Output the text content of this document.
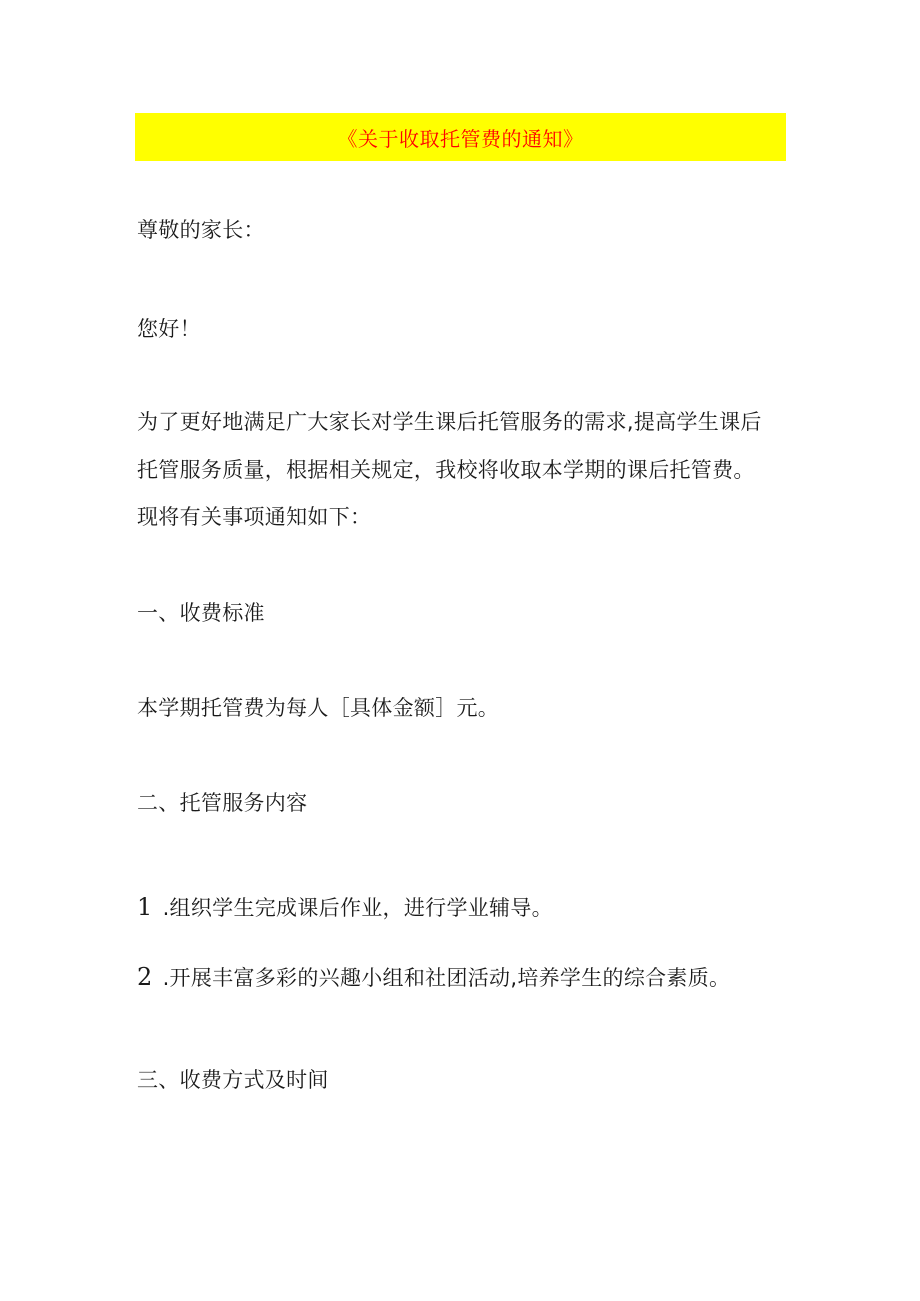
《关于收取托管费的通知》
尊敬的家长：
您好！
为了更好地满足广大家长对学生课后托管服务的需求,提高学生课后
托管服务质量，根据相关规定，我校将收取本学期的课后托管费。
现将有关事项通知如下：
一、收费标准
本学期托管费为每人［具体金额］元。
二、托管服务内容
1 .组织学生完成课后作业，进行学业辅导。
2 .开展丰富多彩的兴趣小组和社团活动,培养学生的综合素质。
三、收费方式及时间
